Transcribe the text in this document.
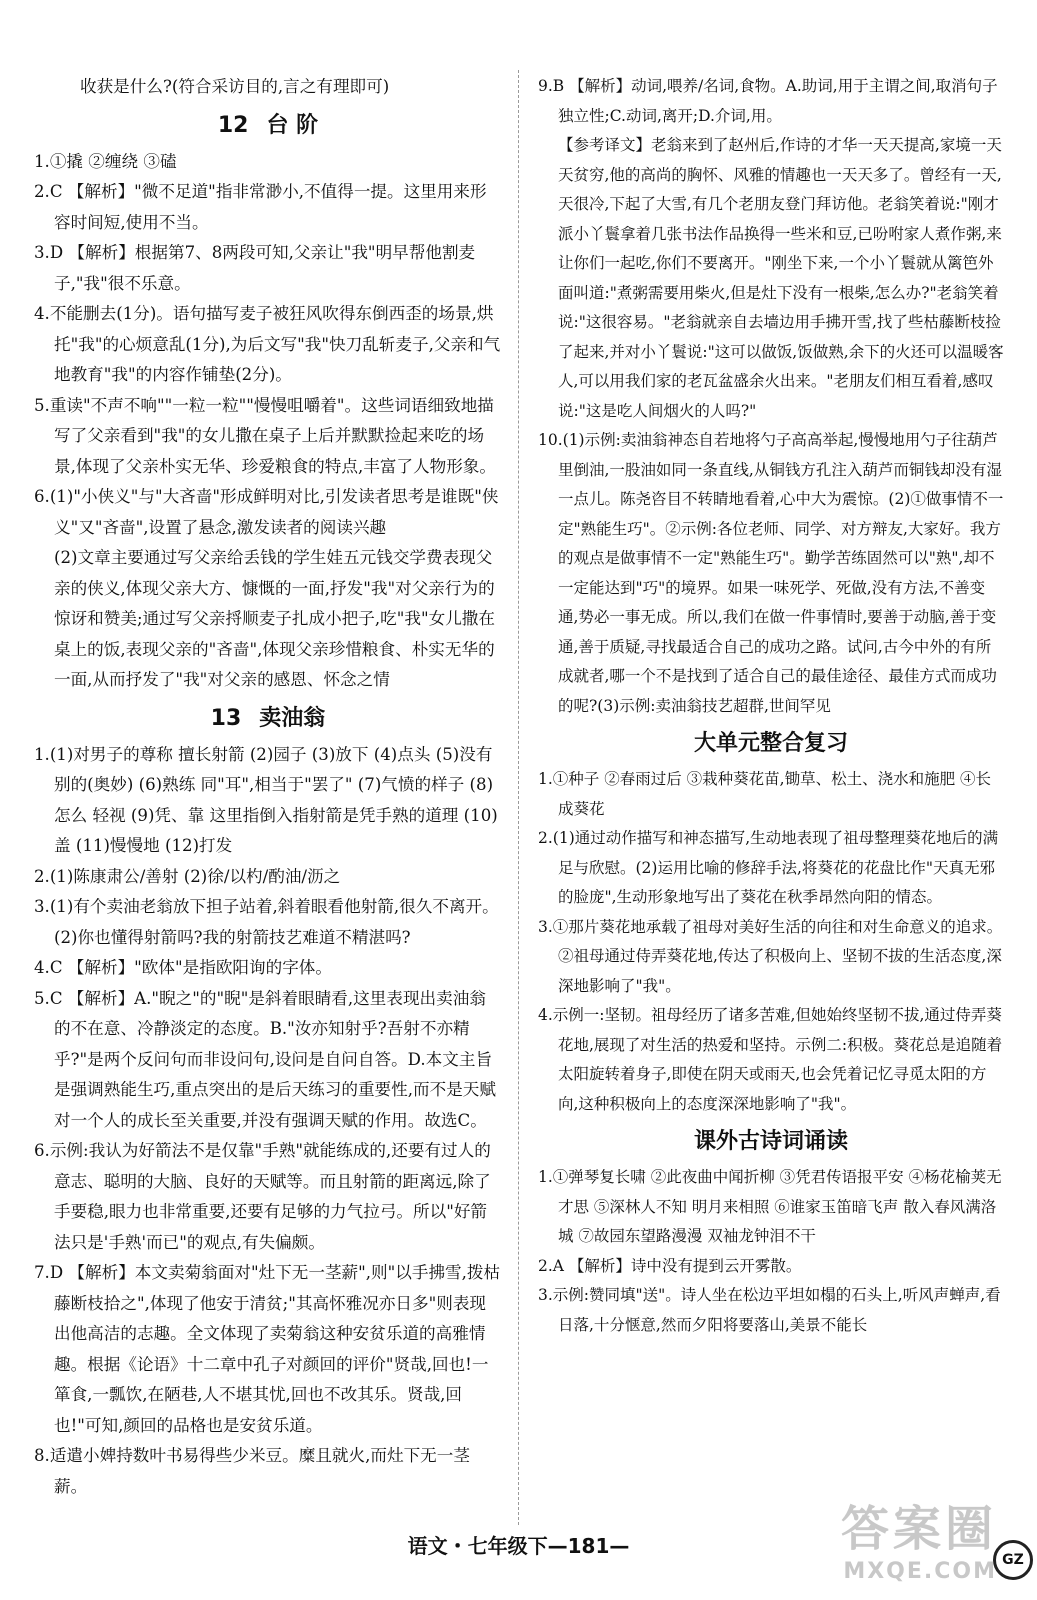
收获是什么?(符合采访目的,言之有理即可)

12 台 阶

1.①撬 ②缠绕 ③磕

2.C 【解析】"微不足道"指非常渺小,不值得一提。这里用来形容时间短,使用不当。

3.D 【解析】根据第7、8两段可知,父亲让"我"明早帮他割麦子,"我"很不乐意。

4.不能删去(1分)。语句描写麦子被狂风吹得东倒西歪的场景,烘托"我"的心烦意乱(1分),为后文写"我"快刀乱斩麦子,父亲和气地教育"我"的内容作铺垫(2分)。

5.重读"不声不响""一粒一粒""慢慢咀嚼着"。这些词语细致地描写了父亲看到"我"的女儿撒在桌子上后并默默捡起来吃的场景,体现了父亲朴实无华、珍爱粮食的特点,丰富了人物形象。

6.(1)"小侠义"与"大吝啬"形成鲜明对比,引发读者思考是谁既"侠义"又"吝啬",设置了悬念,激发读者的阅读兴趣

(2)文章主要通过写父亲给丢钱的学生娃五元钱交学费表现父亲的侠义,体现父亲大方、慷慨的一面,抒发"我"对父亲行为的惊讶和赞美;通过写父亲捋顺麦子扎成小把子,吃"我"女儿撒在桌上的饭,表现父亲的"吝啬",体现父亲珍惜粮食、朴实无华的一面,从而抒发了"我"对父亲的感恩、怀念之情

13 卖油翁

1.(1)对男子的尊称 擅长射箭 (2)园子 (3)放下 (4)点头 (5)没有别的(奥妙) (6)熟练 同"耳",相当于"罢了" (7)气愤的样子 (8)怎么 轻视 (9)凭、靠 这里指倒入指射箭是凭手熟的道理 (10)盖 (11)慢慢地 (12)打发

2.(1)陈康肃公/善射 (2)徐/以杓/酌油/沥之

3.(1)有个卖油老翁放下担子站着,斜着眼看他射箭,很久不离开。(2)你也懂得射箭吗?我的射箭技艺难道不精湛吗?

4.C 【解析】"欧体"是指欧阳询的字体。

5.C 【解析】A."睨之"的"睨"是斜着眼睛看,这里表现出卖油翁的不在意、冷静淡定的态度。B."汝亦知射乎?吾射不亦精乎?"是两个反问句而非设问句,设问是自问自答。D.本文主旨是强调熟能生巧,重点突出的是后天练习的重要性,而不是天赋对一个人的成长至关重要,并没有强调天赋的作用。故选C。

6.示例:我认为好箭法不是仅靠"手熟"就能练成的,还要有过人的意志、聪明的大脑、良好的天赋等。而且射箭的距离远,除了手要稳,眼力也非常重要,还要有足够的力气拉弓。所以"好箭法只是'手熟'而已"的观点,有失偏颇。

7.D 【解析】本文卖菊翁面对"灶下无一茎薪",则"以手拂雪,拨枯藤断枝拾之",体现了他安于清贫;"其高怀雅况亦日多"则表现出他高洁的志趣。全文体现了卖菊翁这种安贫乐道的高雅情趣。根据《论语》十二章中孔子对颜回的评价"贤哉,回也!一箪食,一瓢饮,在陋巷,人不堪其忧,回也不改其乐。贤哉,回也!"可知,颜回的品格也是安贫乐道。

8.适遣小婢持数叶书易得些少米豆。糜且就火,而灶下无一茎薪。

9.B 【解析】动词,喂养/名词,食物。A.助词,用于主谓之间,取消句子独立性;C.动词,离开;D.介词,用。

【参考译文】老翁来到了赵州后,作诗的才华一天天提高,家境一天天贫穷,他的高尚的胸怀、风雅的情趣也一天天多了。曾经有一天,天很冷,下起了大雪,有几个老朋友登门拜访他。老翁笑着说:"刚才派小丫鬟拿着几张书法作品换得一些米和豆,已吩咐家人煮作粥,来让你们一起吃,你们不要离开。"刚坐下来,一个小丫鬟就从篱笆外面叫道:"煮粥需要用柴火,但是灶下没有一根柴,怎么办?"老翁笑着说:"这很容易。"老翁就亲自去墙边用手拂开雪,找了些枯藤断枝捡了起来,并对小丫鬟说:"这可以做饭,饭做熟,余下的火还可以温暖客人,可以用我们家的老瓦盆盛余火出来。"老朋友们相互看着,感叹说:"这是吃人间烟火的人吗?"

10.(1)示例:卖油翁神态自若地将勺子高高举起,慢慢地用勺子往葫芦里倒油,一股油如同一条直线,从铜钱方孔注入葫芦而铜钱却没有湿一点儿。陈尧咨目不转睛地看着,心中大为震惊。(2)①做事情不一定"熟能生巧"。②示例:各位老师、同学、对方辩友,大家好。我方的观点是做事情不一定"熟能生巧"。勤学苦练固然可以"熟",却不一定能达到"巧"的境界。如果一味死学、死做,没有方法,不善变通,势必一事无成。所以,我们在做一件事情时,要善于动脑,善于变通,善于质疑,寻找最适合自己的成功之路。试问,古今中外的有所成就者,哪一个不是找到了适合自己的最佳途径、最佳方式而成功的呢?(3)示例:卖油翁技艺超群,世间罕见

大单元整合复习

1.①种子 ②春雨过后 ③栽种葵花苗,锄草、松土、浇水和施肥 ④长成葵花

2.(1)通过动作描写和神态描写,生动地表现了祖母整理葵花地后的满足与欣慰。(2)运用比喻的修辞手法,将葵花的花盘比作"天真无邪的脸庞",生动形象地写出了葵花在秋季昂然向阳的情态。

3.①那片葵花地承载了祖母对美好生活的向往和对生命意义的追求。②祖母通过侍弄葵花地,传达了积极向上、坚韧不拔的生活态度,深深地影响了"我"。

4.示例一:坚韧。祖母经历了诸多苦难,但她始终坚韧不拔,通过侍弄葵花地,展现了对生活的热爱和坚持。示例二:积极。葵花总是追随着太阳旋转着身子,即使在阴天或雨天,也会凭着记忆寻觅太阳的方向,这种积极向上的态度深深地影响了"我"。

课外古诗词诵读

1.①弹琴复长啸 ②此夜曲中闻折柳 ③凭君传语报平安 ④杨花榆荚无才思 ⑤深林人不知 明月来相照 ⑥谁家玉笛暗飞声 散入春风满洛城 ⑦故园东望路漫漫 双袖龙钟泪不干

2.A 【解析】诗中没有提到云开雾散。

3.示例:赞同填"送"。诗人坐在松边平坦如榻的石头上,听风声蝉声,看日落,十分惬意,然而夕阳将要落山,美景不能长

答案圈
MXQE.COM
语文・七年级下—181—
GZ
